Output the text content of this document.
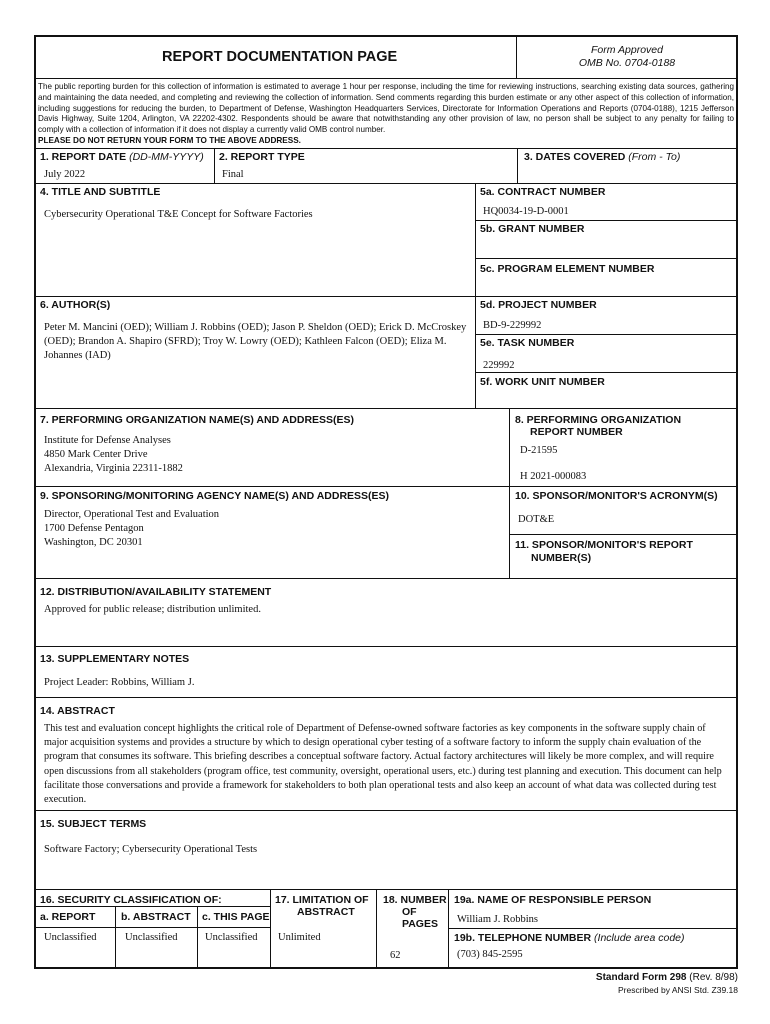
REPORT DOCUMENTATION PAGE	Form Approved
OMB No. 0704-0188
The public reporting burden for this collection of information is estimated to average 1 hour per response, including the time for reviewing instructions, searching existing data sources, gathering and maintaining the data needed, and completing and reviewing the collection of information. Send comments regarding this burden estimate or any other aspect of this collection of information, including suggestions for reducing the burden, to Department of Defense, Washington Headquarters Services, Directorate for Information Operations and Reports (0704-0188), 1215 Jefferson Davis Highway, Suite 1204, Arlington, VA 22202-4302. Respondents should be aware that notwithstanding any other provision of law, no person shall be subject to any penalty for failing to comply with a collection of information if it does not display a currently valid OMB control number.
PLEASE DO NOT RETURN YOUR FORM TO THE ABOVE ADDRESS.
1. REPORT DATE (DD-MM-YYYY)
July 2022
2. REPORT TYPE
Final
3. DATES COVERED (From - To)
4. TITLE AND SUBTITLE
Cybersecurity Operational T&E Concept for Software Factories
5a. CONTRACT NUMBER
HQ0034-19-D-0001
5b. GRANT NUMBER
5c. PROGRAM ELEMENT NUMBER
6. AUTHOR(S)
Peter M. Mancini (OED); William J. Robbins (OED); Jason P. Sheldon (OED); Erick D. McCroskey
(OED); Brandon A. Shapiro (SFRD); Troy W. Lowry (OED); Kathleen Falcon (OED); Eliza M.
Johannes (IAD)
5d. PROJECT NUMBER
BD-9-229992
5e. TASK NUMBER
229992
5f. WORK UNIT NUMBER
7. PERFORMING ORGANIZATION NAME(S) AND ADDRESS(ES)
Institute for Defense Analyses
4850 Mark Center Drive
Alexandria, Virginia 22311-1882
8. PERFORMING ORGANIZATION
REPORT NUMBER
D-21595
H 2021-000083
9. SPONSORING/MONITORING AGENCY NAME(S) AND ADDRESS(ES)
Director, Operational Test and Evaluation
1700 Defense Pentagon
Washington, DC 20301
10. SPONSOR/MONITOR'S ACRONYM(S)
DOT&E
11. SPONSOR/MONITOR'S REPORT
NUMBER(S)
12. DISTRIBUTION/AVAILABILITY STATEMENT
Approved for public release; distribution unlimited.
13. SUPPLEMENTARY NOTES
Project Leader: Robbins, William J.
14. ABSTRACT
This test and evaluation concept highlights the critical role of Department of Defense-owned software factories as key components in the software supply chain of major acquisition systems and provides a structure by which to design operational cyber testing of a software factory to inform the supply chain evaluation of the program that consumes its software. This briefing describes a conceptual software factory. Actual factory architectures will likely be more complex, and will require open discussions from all stakeholders (program office, test community, oversight, operational users, etc.) during test planning and execution. This document can help facilitate those conversations and provide a framework for stakeholders to both plan operational tests and also keep an account of what data was collected during test execution.
15. SUBJECT TERMS
Software Factory; Cybersecurity Operational Tests
16. SECURITY CLASSIFICATION OF:
a. REPORT b. ABSTRACT c. THIS PAGE
Unclassified	Unclassified	Unclassified
17. LIMITATION OF
ABSTRACT
Unlimited
18. NUMBER
OF
PAGES
62
19a. NAME OF RESPONSIBLE PERSON
William J. Robbins
19b. TELEPHONE NUMBER (Include area code)
(703) 845-2595
Standard Form 298 (Rev. 8/98)
Prescribed by ANSI Std. Z39.18
